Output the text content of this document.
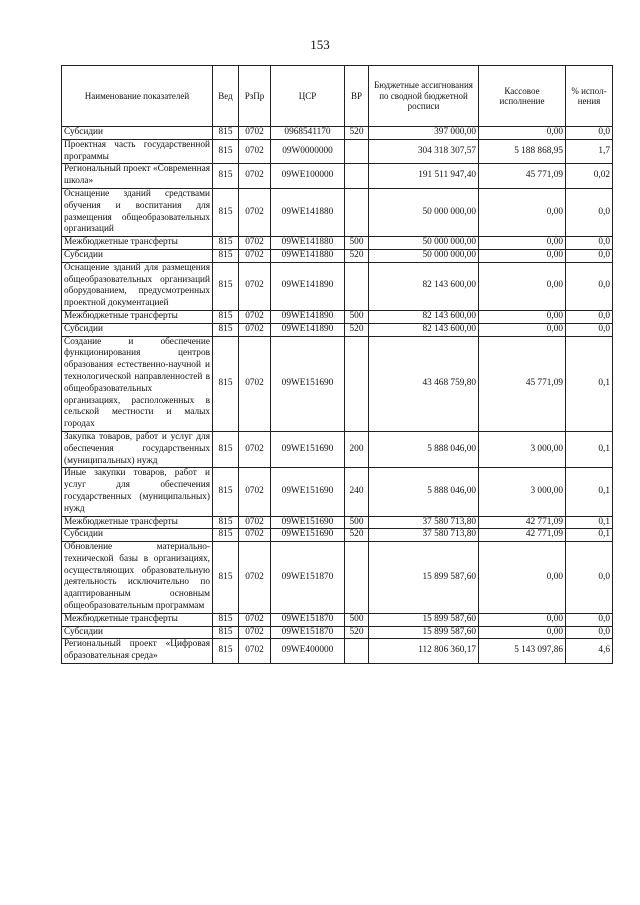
153
Наименование показателей	Вед	РзПр	ЦСР	ВР	Бюджетные ассигнования по сводной бюджетной росписи	Кассовое исполнение	% испол-нения
Субсидии	815	0702	0968541170	520	397 000,00	0,00	0,0
Проектная часть государственной программы	815	0702	09W0000000		304 318 307,57	5 188 868,95	1,7
Региональный проект «Современная школа»	815	0702	09WE100000		191 511 947,40	45 771,09	0,02
Оснащение зданий средствами обучения и воспитания для размещения общеобразовательных организаций	815	0702	09WE141880		50 000 000,00	0,00	0,0
Межбюджетные трансферты	815	0702	09WE141880	500	50 000 000,00	0,00	0,0
Субсидии	815	0702	09WE141880	520	50 000 000,00	0,00	0,0
Оснащение зданий для размещения общеобразовательных организаций оборудованием, предусмотренных проектной документацией	815	0702	09WE141890		82 143 600,00	0,00	0,0
Межбюджетные трансферты	815	0702	09WE141890	500	82 143 600,00	0,00	0,0
Субсидии	815	0702	09WE141890	520	82 143 600,00	0,00	0,0
Создание и обеспечение функционирования центров образования естественно-научной и технологической направленностей в общеобразовательных организациях, расположенных в сельской местности и малых городах	815	0702	09WE151690		43 468 759,80	45 771,09	0,1
Закупка товаров, работ и услуг для обеспечения государственных (муниципальных) нужд	815	0702	09WE151690	200	5 888 046,00	3 000,00	0,1
Иные закупки товаров, работ и услуг для обеспечения государственных (муниципальных) нужд	815	0702	09WE151690	240	5 888 046,00	3 000,00	0,1
Межбюджетные трансферты	815	0702	09WE151690	500	37 580 713,80	42 771,09	0,1
Субсидии	815	0702	09WE151690	520	37 580 713,80	42 771,09	0,1
Обновление материально-технической базы в организациях, осуществляющих образовательную деятельность исключительно по адаптированным основным общеобразовательным программам	815	0702	09WE151870		15 899 587,60	0,00	0,0
Межбюджетные трансферты	815	0702	09WE151870	500	15 899 587,60	0,00	0,0
Субсидии	815	0702	09WE151870	520	15 899 587,60	0,00	0,0
Региональный проект «Цифровая образовательная среда»	815	0702	09WE400000		112 806 360,17	5 143 097,86	4,6
